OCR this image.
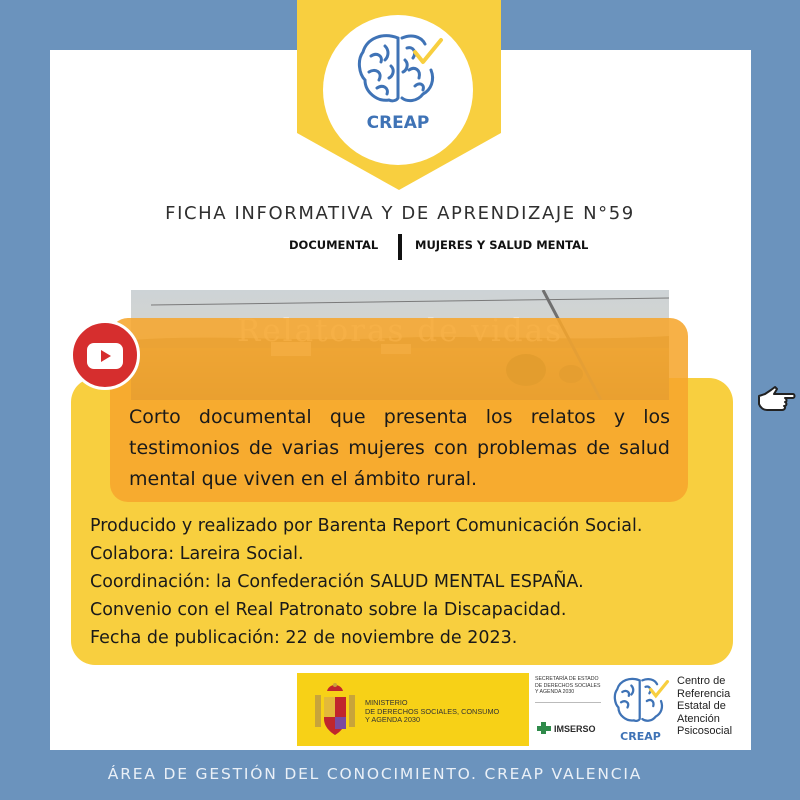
CREAP
FICHA INFORMATIVA Y DE APRENDIZAJE N°59
DOCUMENTAL	MUJERES Y SALUD MENTAL
Corto documental que presenta los relatos y los testimonios de varias mujeres con problemas de salud mental que viven en el ámbito rural.
Producido y realizado por Barenta Report Comunicación Social.
Colabora: Lareira Social.
Coordinación: la Confederación SALUD MENTAL ESPAÑA.
Convenio con el Real Patronato sobre la Discapacidad.
Fecha de publicación: 22 de noviembre de 2023.
MINISTERIO
DE DERECHOS SOCIALES, CONSUMO
Y AGENDA 2030
SECRETARÍA DE ESTADO
DE DERECHOS SOCIALES
Y AGENDA 2030
IMSERSO
CREAP
Centro de
Referencia
Estatal de
Atención
Psicosocial
ÁREA DE GESTIÓN DEL CONOCIMIENTO. CREAP VALENCIA
